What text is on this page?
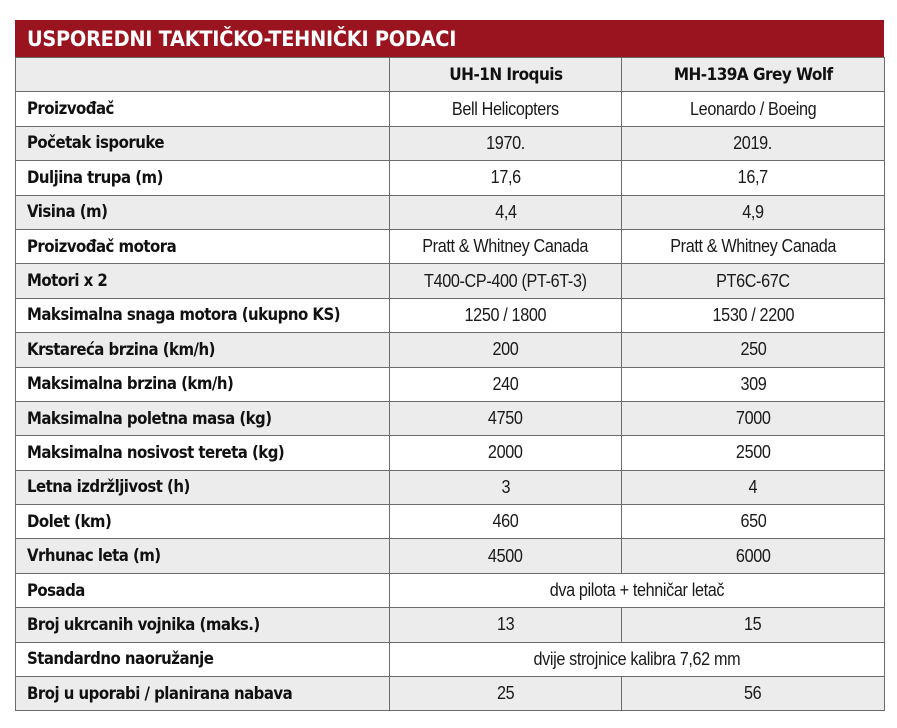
USPOREDNI TAKTIČKO-TEHNIČKI PODACI
	UH-1N Iroquis	MH-139A Grey Wolf
Proizvođač	Bell Helicopters	Leonardo / Boeing
Početak isporuke	1970.	2019.
Duljina trupa (m)	17,6	16,7
Visina (m)	4,4	4,9
Proizvođač motora	Pratt & Whitney Canada	Pratt & Whitney Canada
Motori x 2	T400-CP-400 (PT-6T-3)	PT6C-67C
Maksimalna snaga motora (ukupno KS)	1250 / 1800	1530 / 2200
Krstareća brzina (km/h)	200	250
Maksimalna brzina (km/h)	240	309
Maksimalna poletna masa (kg)	4750	7000
Maksimalna nosivost tereta (kg)	2000	2500
Letna izdržljivost (h)	3	4
Dolet (km)	460	650
Vrhunac leta (m)	4500	6000
Posada	dva pilota + tehničar letač	
Broj ukrcanih vojnika (maks.)	13	15
Standardno naoružanje	dvije strojnice kalibra 7,62 mm	
Broj u uporabi / planirana nabava	25	56
